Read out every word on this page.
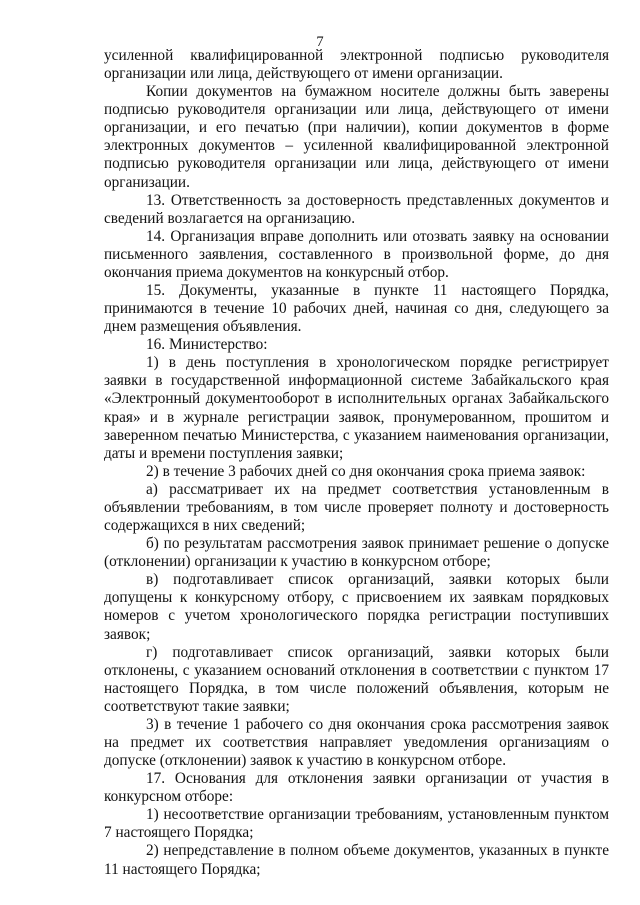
7

усиленной квалифицированной электронной подписью руководителя организации или лица, действующего от имени организации.

Копии документов на бумажном носителе должны быть заверены подписью руководителя организации или лица, действующего от имени организации, и его печатью (при наличии), копии документов в форме электронных документов – усиленной квалифицированной электронной подписью руководителя организации или лица, действующего от имени организации.

13. Ответственность за достоверность представленных документов и сведений возлагается на организацию.

14. Организация вправе дополнить или отозвать заявку на основании письменного заявления, составленного в произвольной форме, до дня окончания приема документов на конкурсный отбор.

15. Документы, указанные в пункте 11 настоящего Порядка, принимаются в течение 10 рабочих дней, начиная со дня, следующего за днем размещения объявления.

16. Министерство:

1) в день поступления в хронологическом порядке регистрирует заявки в государственной информационной системе Забайкальского края «Электронный документооборот в исполнительных органах Забайкальского края» и в журнале регистрации заявок, пронумерованном, прошитом и заверенном печатью Министерства, с указанием наименования организации, даты и времени поступления заявки;

2) в течение 3 рабочих дней со дня окончания срока приема заявок:

а) рассматривает их на предмет соответствия установленным в объявлении требованиям, в том числе проверяет полноту и достоверность содержащихся в них сведений;

б) по результатам рассмотрения заявок принимает решение о допуске (отклонении) организации к участию в конкурсном отборе;

в) подготавливает список организаций, заявки которых были допущены к конкурсному отбору, с присвоением их заявкам порядковых номеров с учетом хронологического порядка регистрации поступивших заявок;

г) подготавливает список организаций, заявки которых были отклонены, с указанием оснований отклонения в соответствии с пунктом 17 настоящего Порядка, в том числе положений объявления, которым не соответствуют такие заявки;

3) в течение 1 рабочего со дня окончания срока рассмотрения заявок на предмет их соответствия направляет уведомления организациям о допуске (отклонении) заявок к участию в конкурсном отборе.

17. Основания для отклонения заявки организации от участия в конкурсном отборе:

1) несоответствие организации требованиям, установленным пунктом 7 настоящего Порядка;

2) непредставление в полном объеме документов, указанных в пункте 11 настоящего Порядка;
